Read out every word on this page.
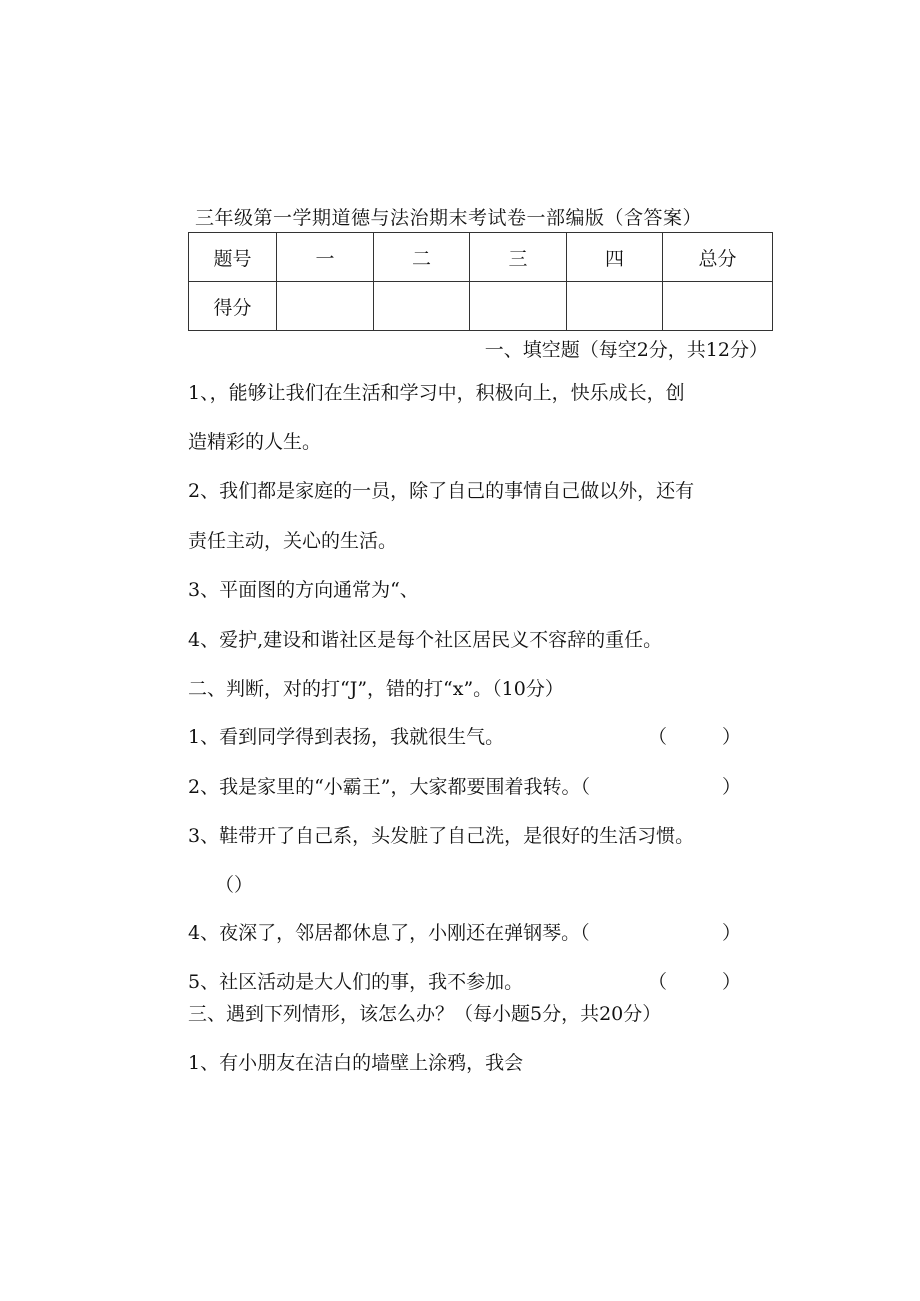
三年级第一学期道德与法治期末考试卷一部编版（含答案）
题号	一	二	三	四	总分
得分					
一、填空题（每空2分，共12分）
1、，能够让我们在生活和学习中，积极向上，快乐成长，创
造精彩的人生。
2、我们都是家庭的一员，除了自己的事情自己做以外，还有
责任主动，关心的生活。
3、平面图的方向通常为“、
4、爱护,建设和谐社区是每个社区居民义不容辞的重任。
二、判断，对的打“J”，错的打“x”。（10分）
1、看到同学得到表扬，我就很生气。	（	）
2、我是家里的“小霸王”，大家都要围着我转。（	）
3、鞋带开了自己系，头发脏了自己洗，是很好的生活习惯。
（）
4、夜深了，邻居都休息了，小刚还在弹钢琴。（	）
5、社区活动是大人们的事，我不参加。	（	）
三、遇到下列情形，该怎么办？（每小题5分，共20分）
1、有小朋友在洁白的墙壁上涂鸦，我会
